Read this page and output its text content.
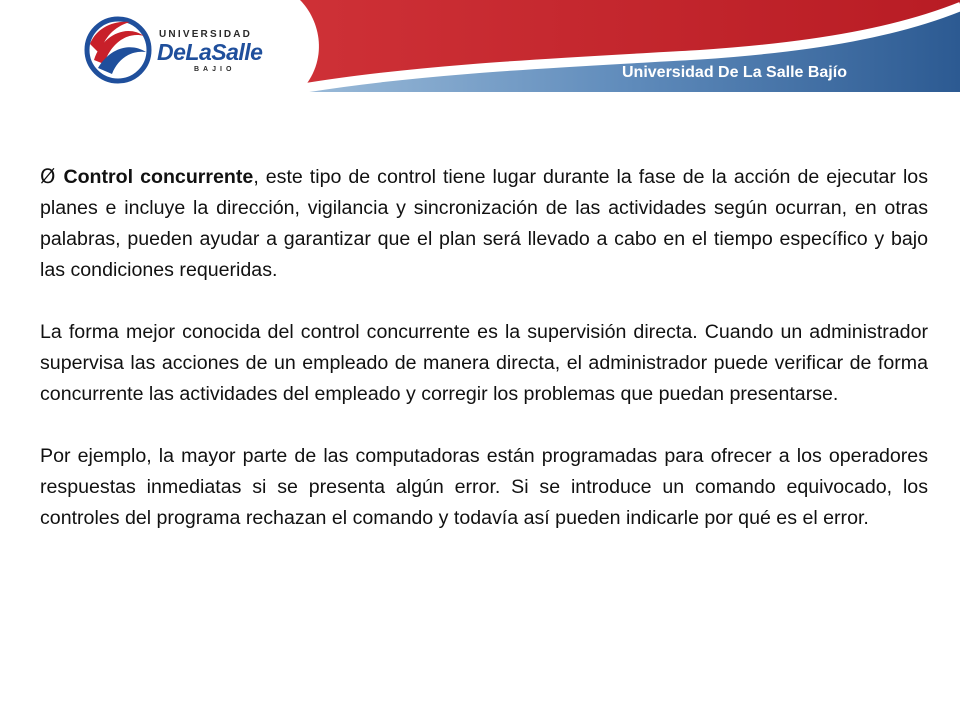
UNIVERSIDAD
DeLaSalle
BAJIO	Universidad De La Salle Bajío

Ø Control concurrente, este tipo de control tiene lugar durante la fase de la acción de ejecutar los planes e incluye la dirección, vigilancia y sincronización de las actividades según ocurran, en otras palabras, pueden ayudar a garantizar que el plan será llevado a cabo en el tiempo específico y bajo las condiciones requeridas.

La forma mejor conocida del control concurrente es la supervisión directa. Cuando un administrador supervisa las acciones de un empleado de manera directa, el administrador puede verificar de forma concurrente las actividades del empleado y corregir los problemas que puedan presentarse.

Por ejemplo, la mayor parte de las computadoras están programadas para ofrecer a los operadores respuestas inmediatas si se presenta algún error. Si se introduce un comando equivocado, los controles del programa rechazan el comando y todavía así pueden indicarle por qué es el error.
